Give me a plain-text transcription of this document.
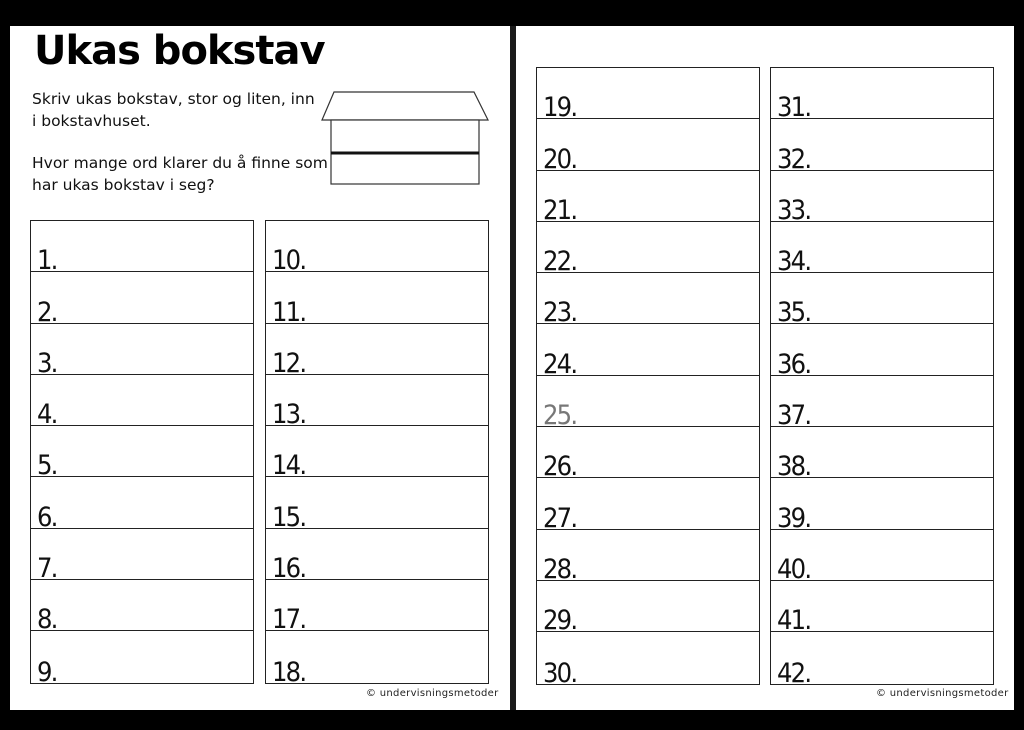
Ukas bokstav
Skriv ukas bokstav, stor og liten, inn i bokstavhuset.
Hvor mange ord klarer du å finne som har ukas bokstav i seg?
1.
2.
3.
4.
5.
6.
7.
8.
9.
10.
11.
12.
13.
14.
15.
16.
17.
18.
© undervisningsmetoder
19.
20.
21.
22.
23.
24.
25.
26.
27.
28.
29.
30.
31.
32.
33.
34.
35.
36.
37.
38.
39.
40.
41.
42.
© undervisningsmetoder
